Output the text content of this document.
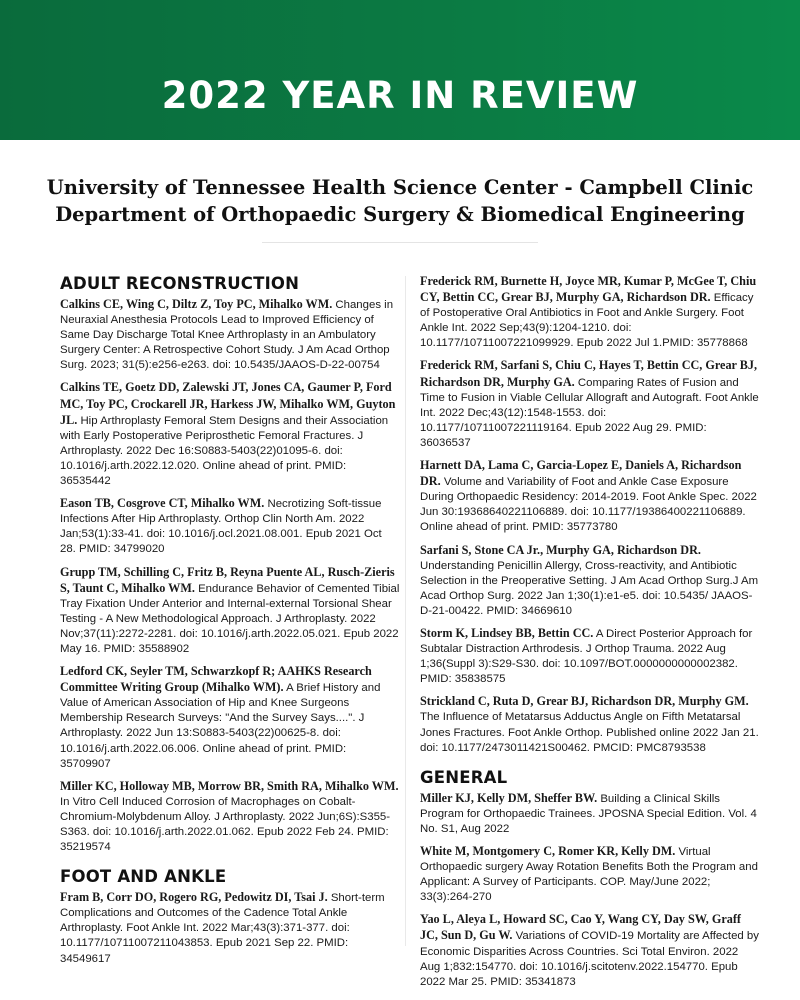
2022 YEAR IN REVIEW
University of Tennessee Health Science Center - Campbell Clinic
Department of Orthopaedic Surgery & Biomedical Engineering
ADULT RECONSTRUCTION

Calkins CE, Wing C, Diltz Z, Toy PC, Mihalko WM. Changes in Neuraxial Anesthesia Protocols Lead to Improved Efficiency of Same Day Discharge Total Knee Arthroplasty in an Ambulatory Surgery Center: A Retrospective Cohort Study. J Am Acad Orthop Surg. 2023; 31(5):e256-e263. doi: 10.5435/JAAOS-D-22-00754

Calkins TE, Goetz DD, Zalewski JT, Jones CA, Gaumer P, Ford MC, Toy PC, Crockarell JR, Harkess JW, Mihalko WM, Guyton JL. Hip Arthroplasty Femoral Stem Designs and their Association with Early Postoperative Periprosthetic Femoral Fractures. J Arthroplasty. 2022 Dec 16:S0883-5403(22)01095-6. doi: 10.1016/j.arth.2022.12.020. Online ahead of print. PMID: 36535442

Eason TB, Cosgrove CT, Mihalko WM. Necrotizing Soft-tissue Infections After Hip Arthroplasty. Orthop Clin North Am. 2022 Jan;53(1):33-41. doi: 10.1016/j.ocl.2021.08.001. Epub 2021 Oct 28. PMID: 34799020

Grupp TM, Schilling C, Fritz B, Reyna Puente AL, Rusch-Zieris S, Taunt C, Mihalko WM. Endurance Behavior of Cemented Tibial Tray Fixation Under Anterior and Internal-external Torsional Shear Testing - A New Methodological Approach. J Arthroplasty. 2022 Nov;37(11):2272-2281. doi: 10.1016/j.arth.2022.05.021. Epub 2022 May 16. PMID: 35588902

Ledford CK, Seyler TM, Schwarzkopf R; AAHKS Research Committee Writing Group (Mihalko WM). A Brief History and Value of American Association of Hip and Knee Surgeons Membership Research Surveys: "And the Survey Says....". J Arthroplasty. 2022 Jun 13:S0883-5403(22)00625-8. doi: 10.1016/j.arth.2022.06.006. Online ahead of print. PMID: 35709907

Miller KC, Holloway MB, Morrow BR, Smith RA, Mihalko WM. In Vitro Cell Induced Corrosion of Macrophages on Cobalt-Chromium-Molybdenum Alloy. J Arthroplasty. 2022 Jun;6S):S355-S363. doi: 10.1016/j.arth.2022.01.062. Epub 2022 Feb 24. PMID: 35219574

FOOT AND ANKLE

Fram B, Corr DO, Rogero RG, Pedowitz DI, Tsai J. Short-term Complications and Outcomes of the Cadence Total Ankle Arthroplasty. Foot Ankle Int. 2022 Mar;43(3):371-377. doi: 10.1177/10711007211043853. Epub 2021 Sep 22. PMID: 34549617

Frederick RM, Burnette H, Joyce MR, Kumar P, McGee T, Chiu CY, Bettin CC, Grear BJ, Murphy GA, Richardson DR. Efficacy of Postoperative Oral Antibiotics in Foot and Ankle Surgery. Foot Ankle Int. 2022 Sep;43(9):1204-1210. doi: 10.1177/10711007221099929. Epub 2022 Jul 1.PMID: 35778868

Frederick RM, Sarfani S, Chiu C, Hayes T, Bettin CC, Grear BJ, Richardson DR, Murphy GA. Comparing Rates of Fusion and Time to Fusion in Viable Cellular Allograft and Autograft. Foot Ankle Int. 2022 Dec;43(12):1548-1553. doi: 10.1177/10711007221119164. Epub 2022 Aug 29. PMID: 36036537

Harnett DA, Lama C, Garcia-Lopez E, Daniels A, Richardson DR. Volume and Variability of Foot and Ankle Case Exposure During Orthopaedic Residency: 2014-2019. Foot Ankle Spec. 2022 Jun 30:19368640221106889. doi: 10.1177/19386400221106889. Online ahead of print. PMID: 35773780

Sarfani S, Stone CA Jr., Murphy GA, Richardson DR. Understanding Penicillin Allergy, Cross-reactivity, and Antibiotic Selection in the Preoperative Setting. J Am Acad Orthop Surg.J Am Acad Orthop Surg. 2022 Jan 1;30(1):e1-e5. doi: 10.5435/ JAAOS-D-21-00422. PMID: 34669610

Storm K, Lindsey BB, Bettin CC. A Direct Posterior Approach for Subtalar Distraction Arthrodesis. J Orthop Trauma. 2022 Aug 1;36(Suppl 3):S29-S30. doi: 10.1097/BOT.0000000000002382. PMID: 35838575

Strickland C, Ruta D, Grear BJ, Richardson DR, Murphy GM. The Influence of Metatarsus Adductus Angle on Fifth Metatarsal Jones Fractures. Foot Ankle Orthop. Published online 2022 Jan 21. doi: 10.1177/2473011421S00462. PMCID: PMC8793538

GENERAL

Miller KJ, Kelly DM, Sheffer BW. Building a Clinical Skills Program for Orthopaedic Trainees. JPOSNA Special Edition. Vol. 4 No. S1, Aug 2022

White M, Montgomery C, Romer KR, Kelly DM. Virtual Orthopaedic surgery Away Rotation Benefits Both the Program and Applicant: A Survey of Participants. COP. May/June 2022; 33(3):264-270

Yao L, Aleya L, Howard SC, Cao Y, Wang CY, Day SW, Graff JC, Sun D, Gu W. Variations of COVID-19 Mortality are Affected by Economic Disparities Across Countries. Sci Total Environ. 2022 Aug 1;832:154770. doi: 10.1016/j.scitotenv.2022.154770. Epub 2022 Mar 25. PMID: 35341873
